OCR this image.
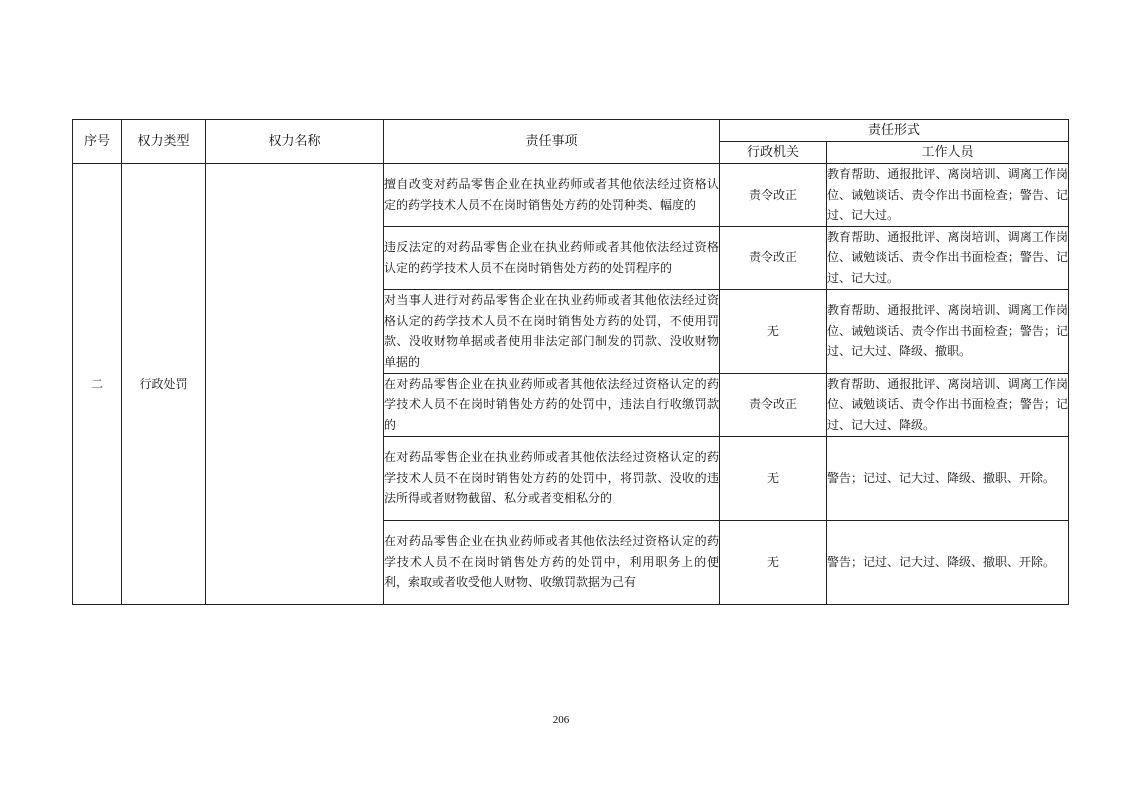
序号	权力类型	权力名称	责任事项	责任形式	
				行政机关	工作人员
二	行政处罚		擅自改变对药品零售企业在执业药师或者其他依法经过资格认定的药学技术人员不在岗时销售处方药的处罚种类、幅度的	责令改正	教育帮助、通报批评、离岗培训、调离工作岗位、诫勉谈话、责令作出书面检查；警告、记过、记大过。
			违反法定的对药品零售企业在执业药师或者其他依法经过资格认定的药学技术人员不在岗时销售处方药的处罚程序的	责令改正	教育帮助、通报批评、离岗培训、调离工作岗位、诫勉谈话、责令作出书面检查；警告、记过、记大过。
			对当事人进行对药品零售企业在执业药师或者其他依法经过资格认定的药学技术人员不在岗时销售处方药的处罚，不使用罚款、没收财物单据或者使用非法定部门制发的罚款、没收财物单据的	无	教育帮助、通报批评、离岗培训、调离工作岗位、诫勉谈话、责令作出书面检查；警告；记过、记大过、降级、撤职。
			在对药品零售企业在执业药师或者其他依法经过资格认定的药学技术人员不在岗时销售处方药的处罚中，违法自行收缴罚款的	责令改正	教育帮助、通报批评、离岗培训、调离工作岗位、诫勉谈话、责令作出书面检查；警告；记过、记大过、降级。
			在对药品零售企业在执业药师或者其他依法经过资格认定的药学技术人员不在岗时销售处方药的处罚中，将罚款、没收的违法所得或者财物截留、私分或者变相私分的	无	警告；记过、记大过、降级、撤职、开除。
			在对药品零售企业在执业药师或者其他依法经过资格认定的药学技术人员不在岗时销售处方药的处罚中，利用职务上的便利，索取或者收受他人财物、收缴罚款据为己有	无	警告；记过、记大过、降级、撤职、开除。
206
